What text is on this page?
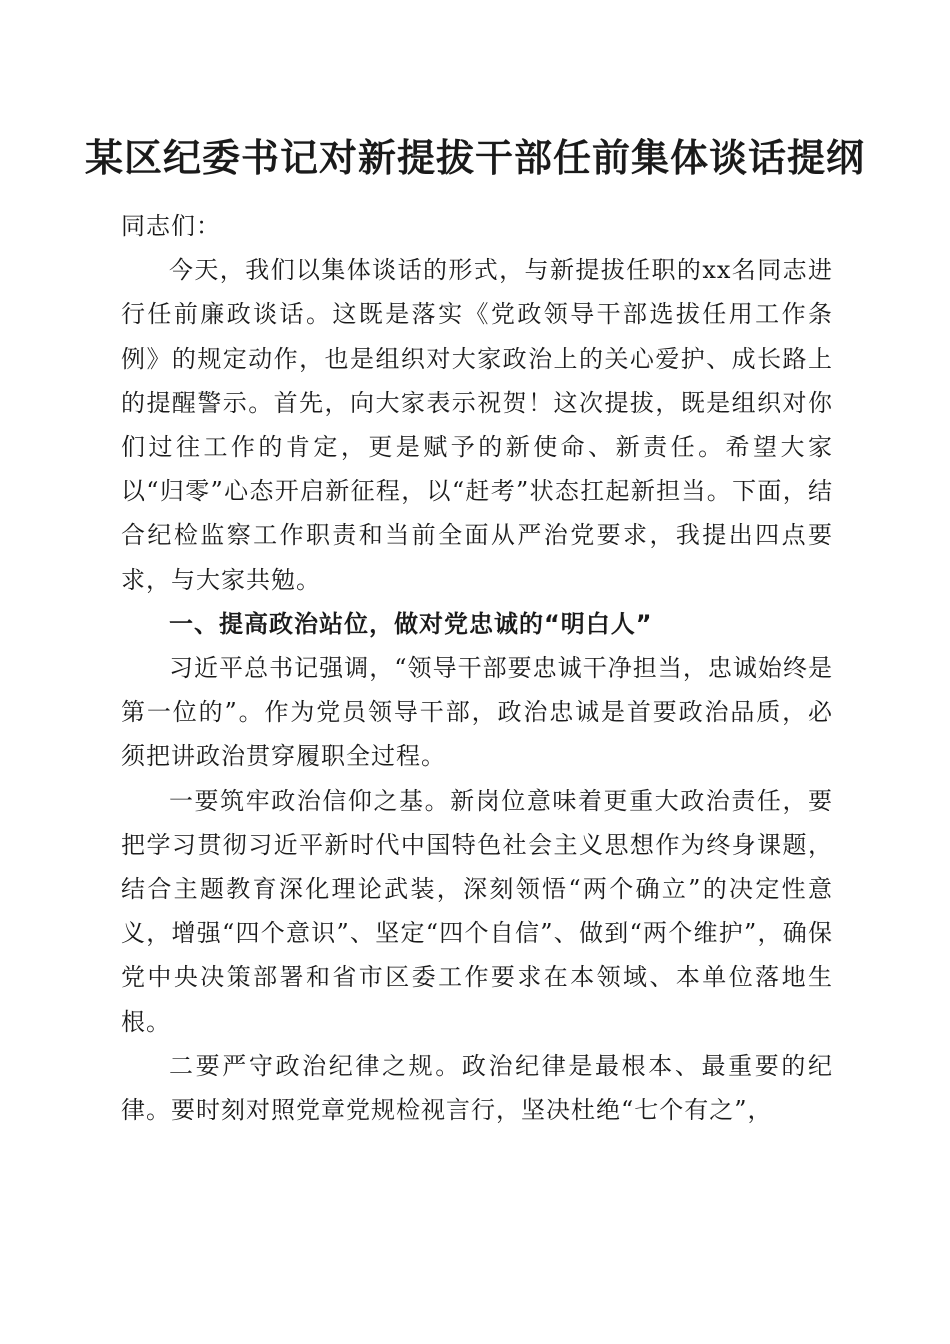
某区纪委书记对新提拔干部任前集体谈话提纲

同志们：

今天，我们以集体谈话的形式，与新提拔任职的xx名同志进行任前廉政谈话。这既是落实《党政领导干部选拔任用工作条例》的规定动作，也是组织对大家政治上的关心爱护、成长路上的提醒警示。首先，向大家表示祝贺！这次提拔，既是组织对你们过往工作的肯定，更是赋予的新使命、新责任。希望大家以“归零”心态开启新征程，以“赶考”状态扛起新担当。下面，结合纪检监察工作职责和当前全面从严治党要求，我提出四点要求，与大家共勉。

一、提高政治站位，做对党忠诚的“明白人”

习近平总书记强调，“领导干部要忠诚干净担当，忠诚始终是第一位的”。作为党员领导干部，政治忠诚是首要政治品质，必须把讲政治贯穿履职全过程。

一要筑牢政治信仰之基。新岗位意味着更重大政治责任，要把学习贯彻习近平新时代中国特色社会主义思想作为终身课题，结合主题教育深化理论武装，深刻领悟“两个确立”的决定性意义，增强“四个意识”、坚定“四个自信”、做到“两个维护”，确保党中央决策部署和省市区委工作要求在本领域、本单位落地生根。

二要严守政治纪律之规。政治纪律是最根本、最重要的纪律。要时刻对照党章党规检视言行，坚决杜绝“七个有之”，
